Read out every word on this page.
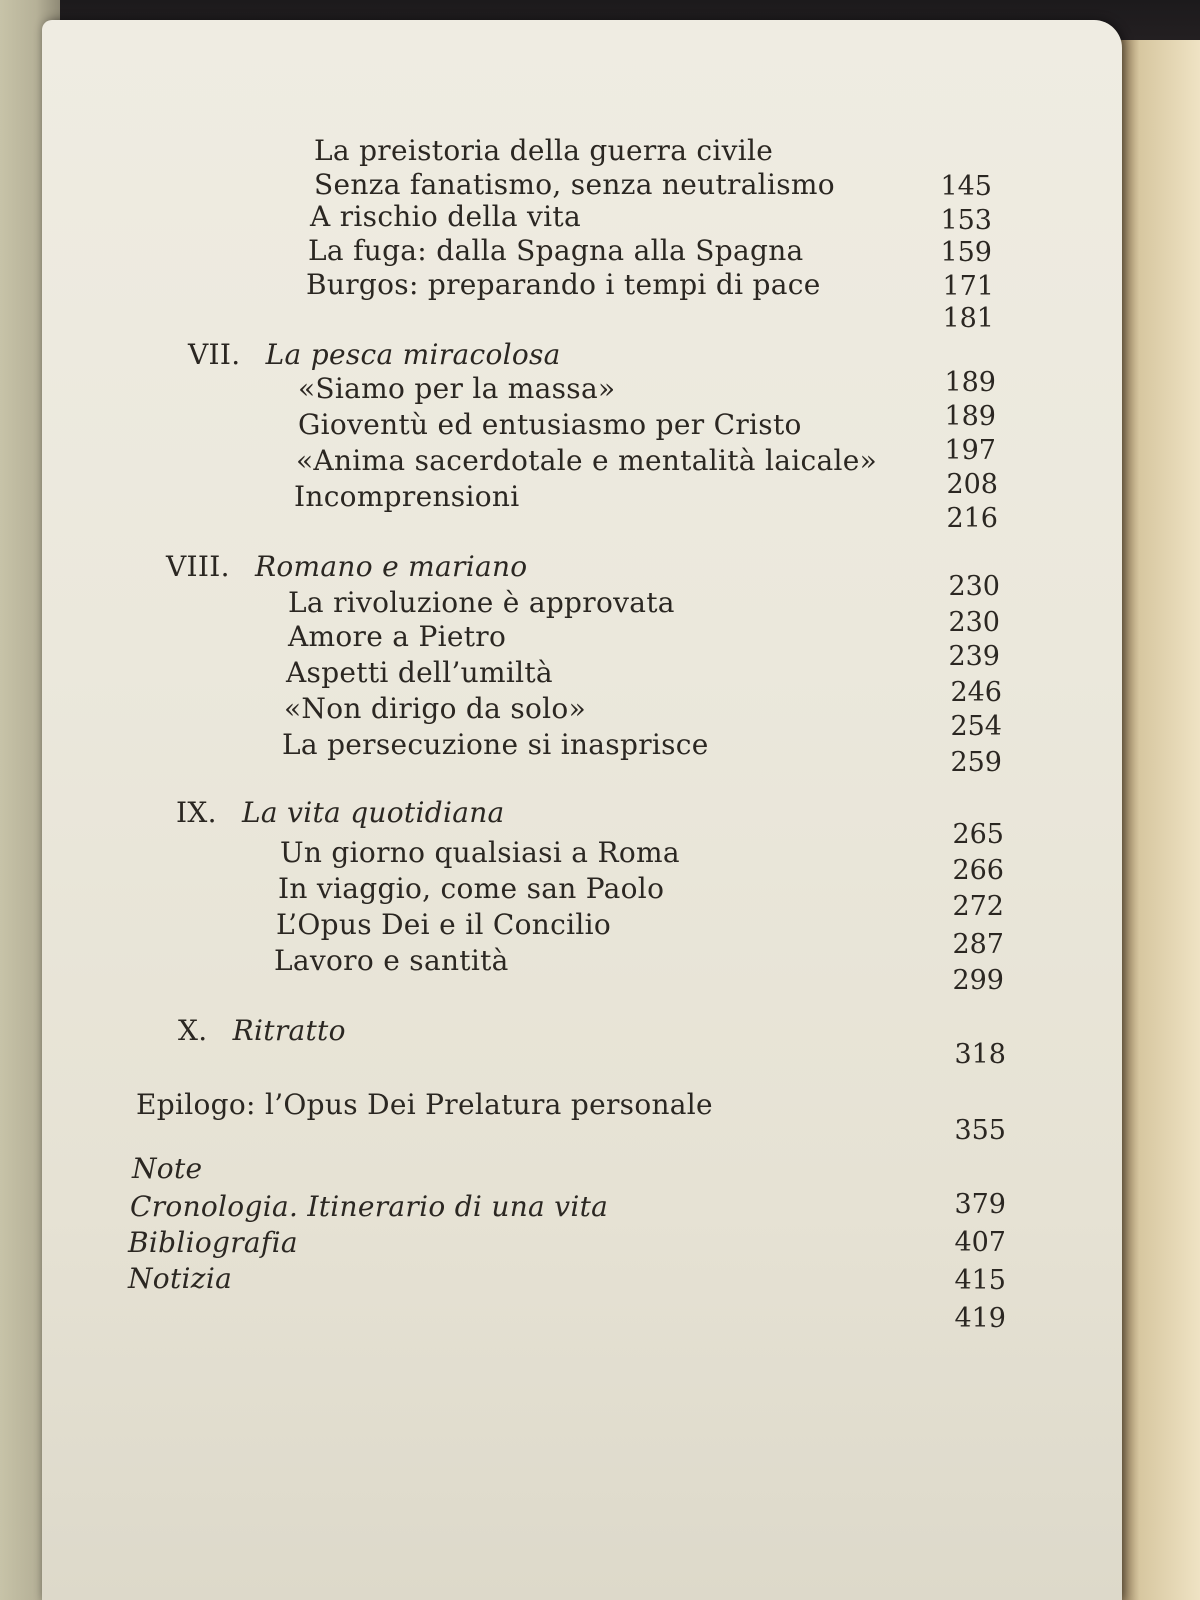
La preistoria della guerra civile
Senza fanatismo, senza neutralismo
A rischio della vita
La fuga: dalla Spagna alla Spagna
Burgos: preparando i tempi di pace
VII. La pesca miracolosa
«Siamo per la massa»
Gioventù ed entusiasmo per Cristo
«Anima sacerdotale e mentalità laicale»
Incomprensioni
VIII. Romano e mariano
La rivoluzione è approvata
Amore a Pietro
Aspetti dell’umiltà
«Non dirigo da solo»
La persecuzione si inasprisce
IX. La vita quotidiana
Un giorno qualsiasi a Roma
In viaggio, come san Paolo
L’Opus Dei e il Concilio
Lavoro e santità
X. Ritratto
Epilogo: l’Opus Dei Prelatura personale
Note
Cronologia. Itinerario di una vita
Bibliografia
Notizia
145
153
159
171
181
189
189
197
208
216
230
230
239
246
254
259
265
266
272
287
299
318
355
379
407
415
419
